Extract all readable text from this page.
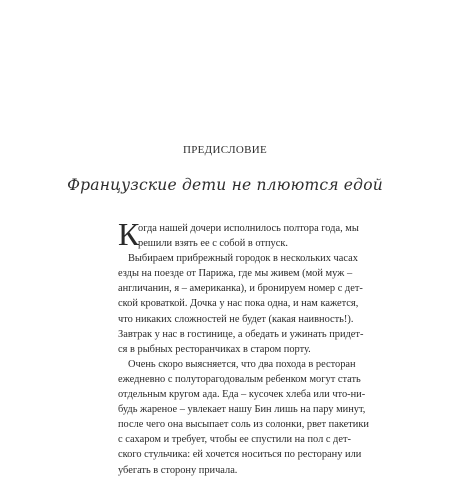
ПРЕДИСЛОВИЕ
Французские дети не плюются едой
К
огда нашей дочери исполнилось полтора года, мы
решили взять ее с собой в отпуск.
Выбираем прибрежный городок в нескольких часах
езды на поезде от Парижа, где мы живем (мой муж –
англичанин, я – американка), и бронируем номер с дет-
ской кроваткой. Дочка у нас пока одна, и нам кажется,
что никаких сложностей не будет (какая наивность!).
Завтрак у нас в гостинице, а обедать и ужинать придет-
ся в рыбных ресторанчиках в старом порту.
Очень скоро выясняется, что два похода в ресторан
ежедневно с полуторагодовалым ребенком могут стать
отдельным кругом ада. Еда – кусочек хлеба или что-ни-
будь жареное – увлекает нашу Бин лишь на пару минут,
после чего она высыпает соль из солонки, рвет пакетики
с сахаром и требует, чтобы ее спустили на пол с дет-
ского стульчика: ей хочется носиться по ресторану или
убегать в сторону причала.
